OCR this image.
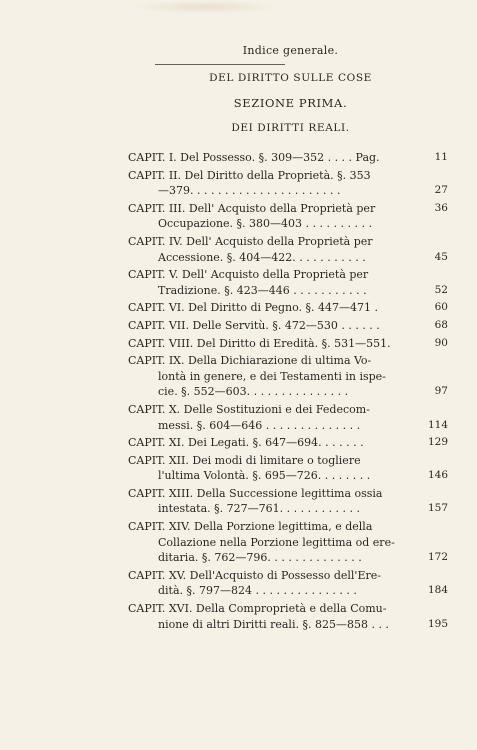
Indice generale.
DEL DIRITTO SULLE COSE
SEZIONE PRIMA.
DEI DIRITTI REALI.
CAPIT. I. Del Possesso. §. 309—352 . . . . Pag.	11
CAPIT. II. Del Diritto della Proprietà. §. 353
—379. . . . . . . . . . . . . . . . . . . . . .	27
CAPIT. III. Dell' Acquisto della Proprietà per	36
Occupazione. §. 380—403 . . . . . . . . . .
CAPIT. IV. Dell' Acquisto della Proprietà per
Accessione. §. 404—422. . . . . . . . . . .	45
CAPIT. V. Dell' Acquisto della Proprietà per
Tradizione. §. 423—446 . . . . . . . . . . .	52
CAPIT. VI. Del Diritto di Pegno. §. 447—471 .	60
CAPIT. VII. Delle Servitù. §. 472—530 . . . . . .	68
CAPIT. VIII. Del Diritto di Eredità. §. 531—551.	90
CAPIT. IX. Della Dichiarazione di ultima Vo-
lontà in genere, e dei Testamenti in ispe-
cie. §. 552—603. . . . . . . . . . . . . . .	97
CAPIT. X. Delle Sostituzioni e dei Fedecom-
messi. §. 604—646 . . . . . . . . . . . . . .	114
CAPIT. XI. Dei Legati. §. 647—694. . . . . . .	129
CAPIT. XII. Dei modi di limitare o togliere
l'ultima Volontà. §. 695—726. . . . . . . .	146
CAPIT. XIII. Della Successione legittima ossia
intestata. §. 727—761. . . . . . . . . . . .	157
CAPIT. XIV. Della Porzione legittima, e della
Collazione nella Porzione legittima od ere-
ditaria. §. 762—796. . . . . . . . . . . . . .	172
CAPIT. XV. Dell'Acquisto di Possesso dell'Ere-
dità. §. 797—824 . . . . . . . . . . . . . . .	184
CAPIT. XVI. Della Comproprietà e della Comu-
nione di altri Diritti reali. §. 825—858 . . .	195
